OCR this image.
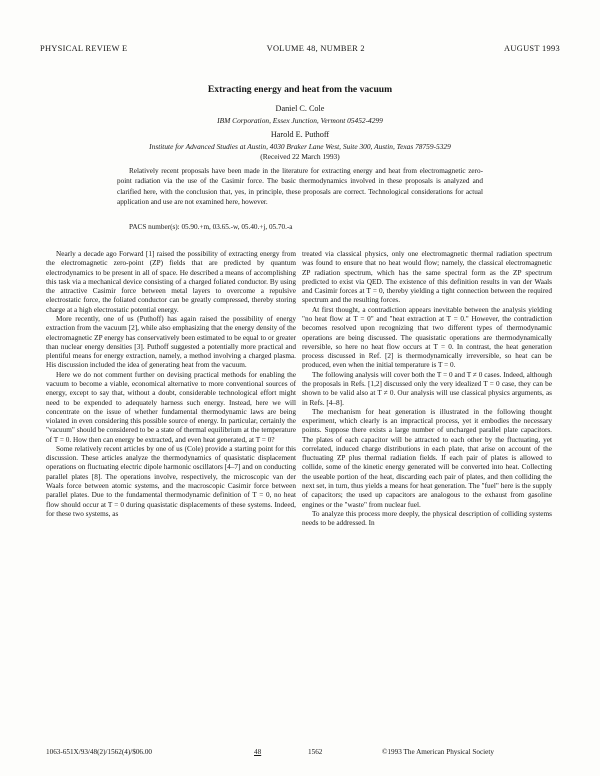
PHYSICAL REVIEW E	VOLUME 48, NUMBER 2	AUGUST 1993
Extracting energy and heat from the vacuum
Daniel C. Cole
IBM Corporation, Essex Junction, Vermont 05452-4299
Harold E. Puthoff
Institute for Advanced Studies at Austin, 4030 Braker Lane West, Suite 300, Austin, Texas 78759-5329
(Received 22 March 1993)

Relatively recent proposals have been made in the literature for extracting energy and heat from electromagnetic zero-point radiation via the use of the Casimir force. The basic thermodynamics involved in these proposals is analyzed and clarified here, with the conclusion that, yes, in principle, these proposals are correct. Technological considerations for actual application and use are not examined here, however.

PACS number(s): 05.90.+m, 03.65.-w, 05.40.+j, 05.70.-a

Nearly a decade ago Forward [1] raised the possibility of extracting energy from the electromagnetic zero-point (ZP) fields that are predicted by quantum electrodynamics to be present in all of space. He described a means of accomplishing this task via a mechanical device consisting of a charged foliated conductor. By using the attractive Casimir force between metal layers to overcome a repulsive electrostatic force, the foliated conductor can be greatly compressed, thereby storing charge at a high electrostatic potential energy.

More recently, one of us (Puthoff) has again raised the possibility of energy extraction from the vacuum [2], while also emphasizing that the energy density of the electromagnetic ZP energy has conservatively been estimated to be equal to or greater than nuclear energy densities [3]. Puthoff suggested a potentially more practical and plentiful means for energy extraction, namely, a method involving a charged plasma. His discussion included the idea of generating heat from the vacuum.

Here we do not comment further on devising practical methods for enabling the vacuum to become a viable, economical alternative to more conventional sources of energy, except to say that, without a doubt, considerable technological effort might need to be expended to adequately harness such energy. Instead, here we will concentrate on the issue of whether fundamental thermodynamic laws are being violated in even considering this possible source of energy. In particular, certainly the "vacuum" should be considered to be a state of thermal equilibrium at the temperature of T = 0. How then can energy be extracted, and even heat generated, at T = 0?

Some relatively recent articles by one of us (Cole) provide a starting point for this discussion. These articles analyze the thermodynamics of quasistatic displacement operations on fluctuating electric dipole harmonic oscillators [4–7] and on conducting parallel plates [8]. The operations involve, respectively, the microscopic van der Waals force between atomic systems, and the macroscopic Casimir force between parallel plates. Due to the fundamental thermodynamic definition of T = 0, no heat flow should occur at T = 0 during quasistatic displacements of these systems. Indeed, for these two systems, as

treated via classical physics, only one electromagnetic thermal radiation spectrum was found to ensure that no heat would flow; namely, the classical electromagnetic ZP radiation spectrum, which has the same spectral form as the ZP spectrum predicted to exist via QED. The existence of this definition results in van der Waals and Casimir forces at T = 0, thereby yielding a tight connection between the required spectrum and the resulting forces.

At first thought, a contradiction appears inevitable between the analysis yielding "no heat flow at T = 0" and "heat extraction at T = 0." However, the contradiction becomes resolved upon recognizing that two different types of thermodynamic operations are being discussed. The quasistatic operations are thermodynamically reversible, so here no heat flow occurs at T = 0. In contrast, the heat generation process discussed in Ref. [2] is thermodynamically irreversible, so heat can be produced, even when the initial temperature is T = 0.

The following analysis will cover both the T = 0 and T ≠ 0 cases. Indeed, although the proposals in Refs. [1,2] discussed only the very idealized T = 0 case, they can be shown to be valid also at T ≠ 0. Our analysis will use classical physics arguments, as in Refs. [4–8].

The mechanism for heat generation is illustrated in the following thought experiment, which clearly is an impractical process, yet it embodies the necessary points. Suppose there exists a large number of uncharged parallel plate capacitors. The plates of each capacitor will be attracted to each other by the fluctuating, yet correlated, induced charge distributions in each plate, that arise on account of the fluctuating ZP plus thermal radiation fields. If each pair of plates is allowed to collide, some of the kinetic energy generated will be converted into heat. Collecting the useable portion of the heat, discarding each pair of plates, and then colliding the next set, in turn, thus yields a means for heat generation. The "fuel" here is the supply of capacitors; the used up capacitors are analogous to the exhaust from gasoline engines or the "waste" from nuclear fuel.

To analyze this process more deeply, the physical description of colliding systems needs to be addressed. In

1063-651X/93/48(2)/1562(4)/$06.00	48	1562	©1993 The American Physical Society
